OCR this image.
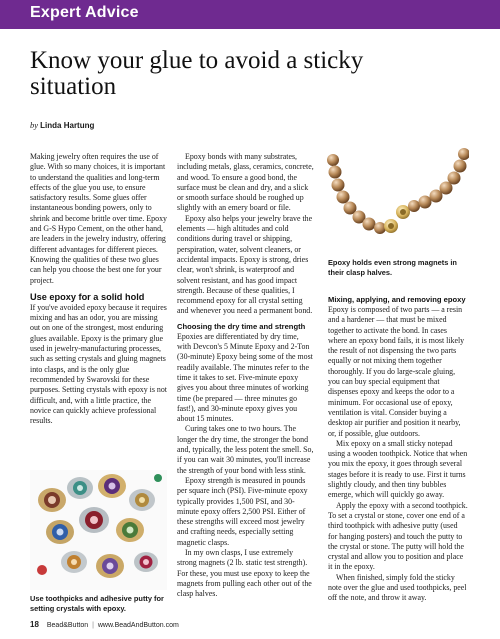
Expert Advice
Know your glue to avoid a sticky situation
by Linda Hartung

Making jewelry often requires the use of glue. With so many choices, it is important to understand the qualities and long-term effects of the glue you use, to ensure satisfactory results. Some glues offer instantaneous bonding powers, only to shrink and become brittle over time. Epoxy and G-S Hypo Cement, on the other hand, are leaders in the jewelry industry, offering different advantages for different pieces. Knowing the qualities of these two glues can help you choose the best one for your project.

Use epoxy for a solid hold

If you've avoided epoxy because it requires mixing and has an odor, you are missing out on one of the strongest, most enduring glues available. Epoxy is the primary glue used in jewelry-manufacturing processes, such as setting crystals and gluing magnets into clasps, and is the only glue recommended by Swarovski for these purposes. Setting crystals with epoxy is not difficult, and, with a little practice, the novice can quickly achieve professional results.

Use toothpicks and adhesive putty for setting crystals with epoxy.

Epoxy bonds with many substrates, including metals, glass, ceramics, concrete, and wood. To ensure a good bond, the surface must be clean and dry, and a slick or smooth surface should be roughed up slightly with an emery board or file.

Epoxy also helps your jewelry brave the elements — high altitudes and cold conditions during travel or shipping, perspiration, water, solvent cleaners, or accidental impacts. Epoxy is strong, dries clear, won't shrink, is waterproof and solvent resistant, and has good impact strength. Because of these qualities, I recommend epoxy for all crystal setting and whenever you need a permanent bond.

Choosing the dry time and strength

Epoxies are differentiated by dry time, with Devcon's 5 Minute Epoxy and 2-Ton (30-minute) Epoxy being some of the most readily available. The minutes refer to the time it takes to set. Five-minute epoxy gives you about three minutes of working time (be prepared — three minutes go fast!), and 30-minute epoxy gives you about 15 minutes.

Curing takes one to two hours. The longer the dry time, the stronger the bond and, typically, the less potent the smell. So, if you can wait 30 minutes, you'll increase the strength of your bond with less stink.

Epoxy strength is measured in pounds per square inch (PSI). Five-minute epoxy typically provides 1,500 PSI, and 30-minute epoxy offers 2,500 PSI. Either of these strengths will exceed most jewelry and crafting needs, especially setting magnetic clasps.

In my own clasps, I use extremely strong magnets (2 lb. static test strength). For these, you must use epoxy to keep the magnets from pulling each other out of the clasp halves.

Epoxy holds even strong magnets in their clasp halves.
Mixing, applying, and removing epoxy

Epoxy is composed of two parts — a resin and a hardener — that must be mixed together to activate the bond. In cases where an epoxy bond fails, it is most likely the result of not dispensing the two parts equally or not mixing them together thoroughly. If you do large-scale gluing, you can buy special equipment that dispenses epoxy and keeps the odor to a minimum. For occasional use of epoxy, ventilation is vital. Consider buying a desktop air purifier and position it nearby, or, if possible, glue outdoors.

Mix epoxy on a small sticky notepad using a wooden toothpick. Notice that when you mix the epoxy, it goes through several stages before it is ready to use. First it turns slightly cloudy, and then tiny bubbles emerge, which will quickly go away.

Apply the epoxy with a second toothpick. To set a crystal or stone, cover one end of a third toothpick with adhesive putty (used for hanging posters) and touch the putty to the crystal or stone. The putty will hold the crystal and allow you to position and place it in the epoxy.

When finished, simply fold the sticky note over the glue and used toothpicks, peel off the note, and throw it away.

18 Bead&Button | www.BeadAndButton.com
